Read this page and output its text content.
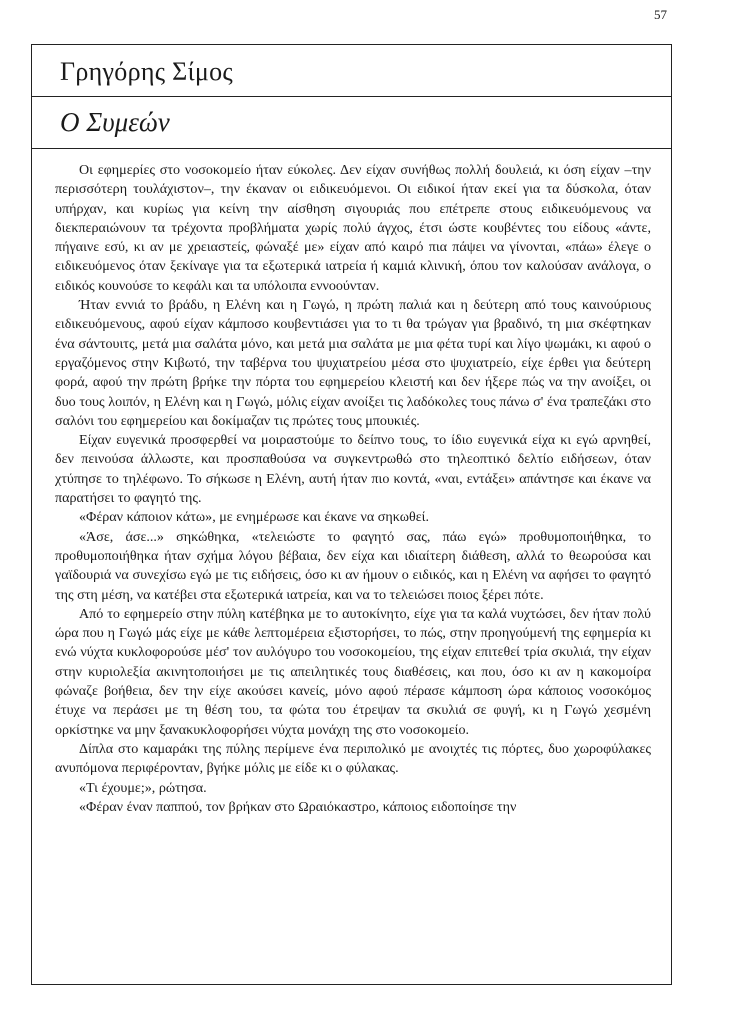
57
Γρηγόρης Σίμος
Ο Συμεών

Οι εφημερίες στο νοσοκομείο ήταν εύκολες. Δεν είχαν συνήθως πολλή δουλειά, κι όση είχαν –την περισσότερη τουλάχιστον–, την έκαναν οι ειδικευόμενοι. Οι ειδικοί ήταν εκεί για τα δύσκολα, όταν υπήρχαν, και κυρίως για κείνη την αίσθηση σιγουριάς που επέτρεπε στους ειδικευόμενους να διεκπεραιώνουν τα τρέχοντα προβλήματα χωρίς πολύ άγχος, έτσι ώστε κουβέντες του είδους «άντε, πήγαινε εσύ, κι αν με χρειαστείς, φώναξέ με» είχαν από καιρό πια πάψει να γίνονται, «πάω» έλεγε ο ειδικευόμενος όταν ξεκίναγε για τα εξωτερικά ιατρεία ή καμιά κλινική, όπου τον καλούσαν ανάλογα, ο ειδικός κουνούσε το κεφάλι και τα υπόλοιπα εννοούνταν.

Ήταν εννιά το βράδυ, η Ελένη και η Γωγώ, η πρώτη παλιά και η δεύτερη από τους καινούριους ειδικευόμενους, αφού είχαν κάμποσο κουβεντιάσει για το τι θα τρώγαν για βραδινό, τη μια σκέφτηκαν ένα σάντουιτς, μετά μια σαλάτα μόνο, και μετά μια σαλάτα με μια φέτα τυρί και λίγο ψωμάκι, κι αφού ο εργαζόμενος στην Κιβωτό, την ταβέρνα του ψυχιατρείου μέσα στο ψυχιατρείο, είχε έρθει για δεύτερη φορά, αφού την πρώτη βρήκε την πόρτα του εφημερείου κλειστή και δεν ήξερε πώς να την ανοίξει, οι δυο τους λοιπόν, η Ελένη και η Γωγώ, μόλις είχαν ανοίξει τις λαδόκολες τους πάνω σ' ένα τραπεζάκι στο σαλόνι του εφημερείου και δοκίμαζαν τις πρώτες τους μπουκιές.

Είχαν ευγενικά προσφερθεί να μοιραστούμε το δείπνο τους, το ίδιο ευγενικά είχα κι εγώ αρνηθεί, δεν πεινούσα άλλωστε, και προσπαθούσα να συγκεντρωθώ στο τηλεοπτικό δελτίο ειδήσεων, όταν χτύπησε το τηλέφωνο. Το σήκωσε η Ελένη, αυτή ήταν πιο κοντά, «ναι, εντάξει» απάντησε και έκανε να παρατήσει το φαγητό της.

«Φέραν κάποιον κάτω», με ενημέρωσε και έκανε να σηκωθεί.

«Άσε, άσε...» σηκώθηκα, «τελειώστε το φαγητό σας, πάω εγώ» προθυμοποιήθηκα, το προθυμοποιήθηκα ήταν σχήμα λόγου βέβαια, δεν είχα και ιδιαίτερη διάθεση, αλλά το θεωρούσα και γαϊδουριά να συνεχίσω εγώ με τις ειδήσεις, όσο κι αν ήμουν ο ειδικός, και η Ελένη να αφήσει το φαγητό της στη μέση, να κατέβει στα εξωτερικά ιατρεία, και να το τελειώσει ποιος ξέρει πότε.

Από το εφημερείο στην πύλη κατέβηκα με το αυτοκίνητο, είχε για τα καλά νυχτώσει, δεν ήταν πολύ ώρα που η Γωγώ μάς είχε με κάθε λεπτομέρεια εξιστορήσει, το πώς, στην προηγούμενή της εφημερία κι ενώ νύχτα κυκλοφορούσε μέσ' τον αυλόγυρο του νοσοκομείου, της είχαν επιτεθεί τρία σκυλιά, την είχαν στην κυριολεξία ακινητοποιήσει με τις απειλητικές τους διαθέσεις, και που, όσο κι αν η κακομοίρα φώναζε βοήθεια, δεν την είχε ακούσει κανείς, μόνο αφού πέρασε κάμποση ώρα κάποιος νοσοκόμος έτυχε να περάσει με τη θέση του, τα φώτα του έτρεψαν τα σκυλιά σε φυγή, κι η Γωγώ χεσμένη ορκίστηκε να μην ξανακυκλοφορήσει νύχτα μονάχη της στο νοσοκομείο.

Δίπλα στο καμαράκι της πύλης περίμενε ένα περιπολικό με ανοιχτές τις πόρτες, δυο χωροφύλακες ανυπόμονα περιφέρονταν, βγήκε μόλις με είδε κι ο φύλακας.

«Τι έχουμε;», ρώτησα.

«Φέραν έναν παππού, τον βρήκαν στο Ωραιόκαστρο, κάποιος ειδοποίησε την
